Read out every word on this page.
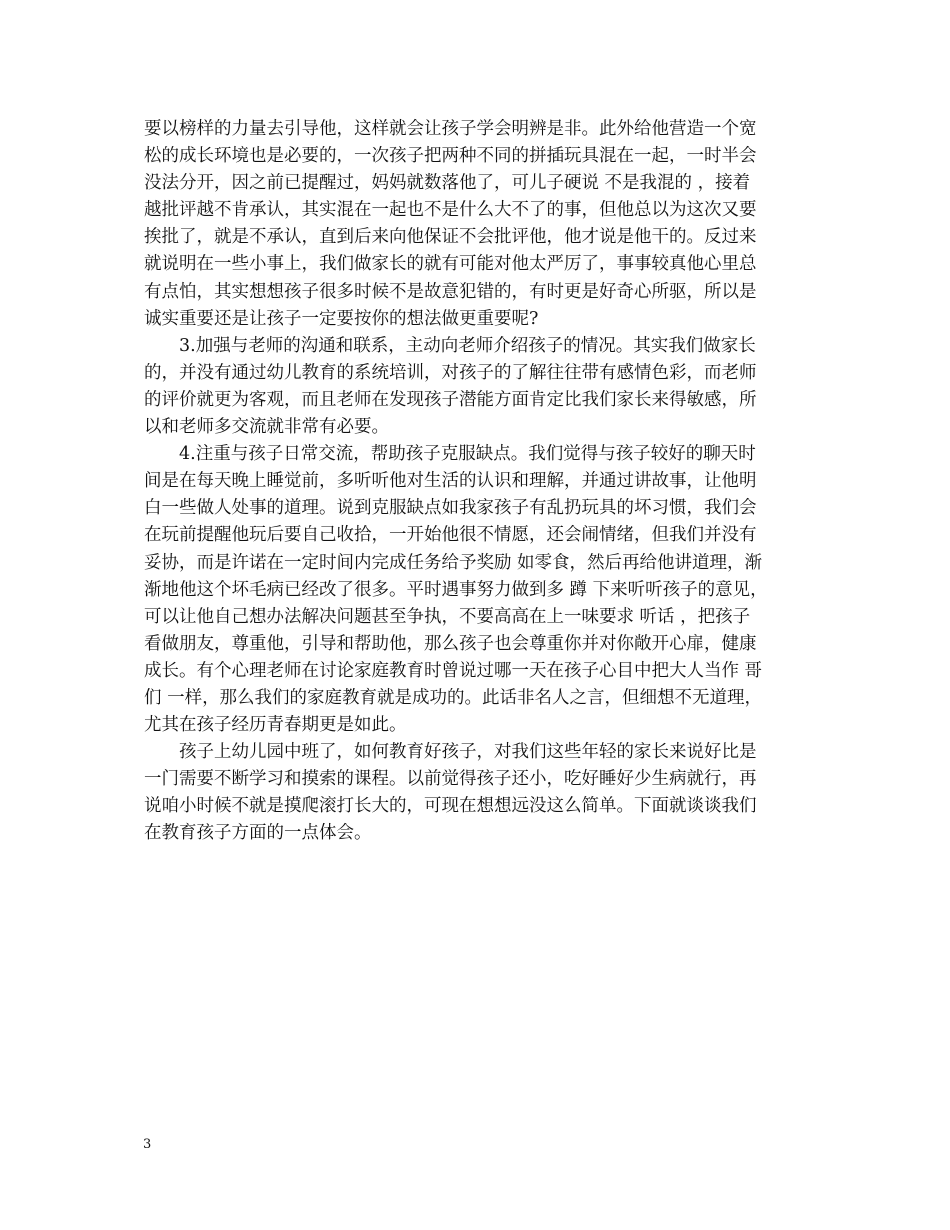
要以榜样的力量去引导他，这样就会让孩子学会明辨是非。此外给他营造一个宽
松的成长环境也是必要的，一次孩子把两种不同的拼插玩具混在一起，一时半会
没法分开，因之前已提醒过，妈妈就数落他了，可儿子硬说 不是我混的 ，接着
越批评越不肯承认，其实混在一起也不是什么大不了的事，但他总以为这次又要
挨批了，就是不承认，直到后来向他保证不会批评他，他才说是他干的。反过来
就说明在一些小事上，我们做家长的就有可能对他太严厉了，事事较真他心里总
有点怕，其实想想孩子很多时候不是故意犯错的，有时更是好奇心所驱，所以是
诚实重要还是让孩子一定要按你的想法做更重要呢?
3.加强与老师的沟通和联系，主动向老师介绍孩子的情况。其实我们做家长
的，并没有通过幼儿教育的系统培训，对孩子的了解往往带有感情色彩，而老师
的评价就更为客观，而且老师在发现孩子潜能方面肯定比我们家长来得敏感，所
以和老师多交流就非常有必要。
4.注重与孩子日常交流，帮助孩子克服缺点。我们觉得与孩子较好的聊天时
间是在每天晚上睡觉前，多听听他对生活的认识和理解，并通过讲故事，让他明
白一些做人处事的道理。说到克服缺点如我家孩子有乱扔玩具的坏习惯，我们会
在玩前提醒他玩后要自己收拾，一开始他很不情愿，还会闹情绪，但我们并没有
妥协，而是许诺在一定时间内完成任务给予奖励 如零食，然后再给他讲道理，渐
渐地他这个坏毛病已经改了很多。平时遇事努力做到多 蹲 下来听听孩子的意见，
可以让他自己想办法解决问题甚至争执，不要高高在上一味要求 听话 ，把孩子
看做朋友，尊重他，引导和帮助他，那么孩子也会尊重你并对你敞开心扉，健康
成长。有个心理老师在讨论家庭教育时曾说过哪一天在孩子心目中把大人当作 哥
们 一样，那么我们的家庭教育就是成功的。此话非名人之言，但细想不无道理，
尤其在孩子经历青春期更是如此。
孩子上幼儿园中班了，如何教育好孩子，对我们这些年轻的家长来说好比是
一门需要不断学习和摸索的课程。以前觉得孩子还小，吃好睡好少生病就行，再
说咱小时候不就是摸爬滚打长大的，可现在想想远没这么简单。下面就谈谈我们
在教育孩子方面的一点体会。
3
